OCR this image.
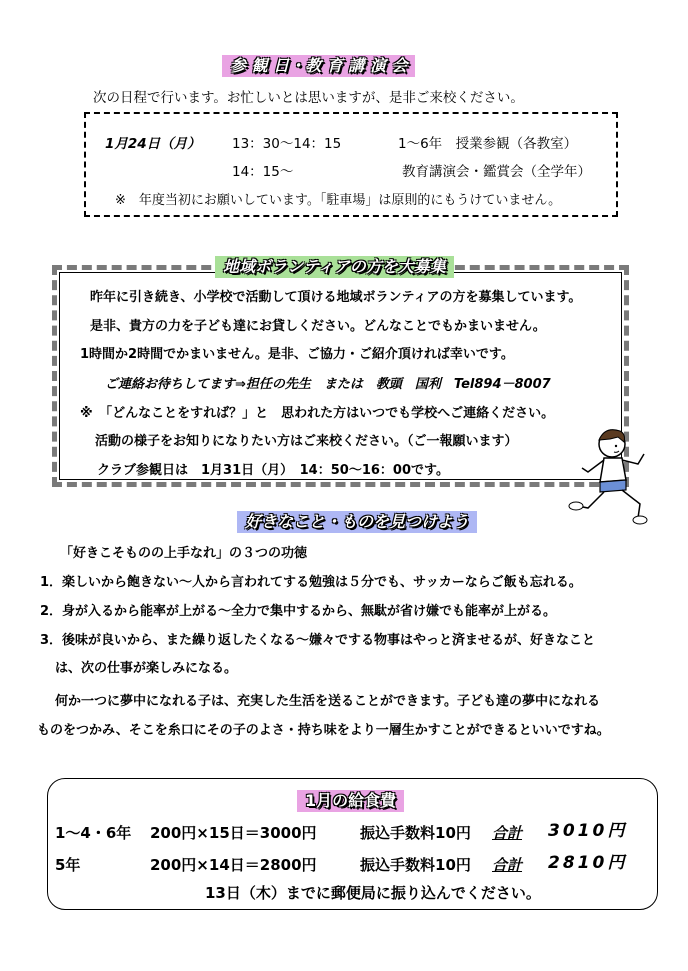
参 観 日・教 育 講 演 会
次の日程で行います。お忙しいとは思いますが、是非ご来校ください。
1月24日（月） 13：30～14：15	1～6年　授業参観（各教室）
14：15～	教育講演会・鑑賞会（全学年）
※　年度当初にお願いしています。「駐車場」は原則的にもうけていません。
地域ボランティアの方を大募集
昨年に引き続き、小学校で活動して頂ける地域ボランティアの方を募集しています。
是非、貴方の力を子ども達にお貸しください。どんなことでもかまいません。
1時間か2時間でかまいません。是非、ご協力・ご紹介頂ければ幸いです。
ご連絡お待ちしてます⇒担任の先生　または　教頭　国利　Tel894－8007
※　「どんなことをすれば？」と　思われた方はいつでも学校へご連絡ください。
活動の様子をお知りになりたい方はご来校ください。（ご一報願います）
クラブ参観日は　1月31日（月）　14：50～16：00です。
好きなこと・ものを見つけよう
「好きこそものの上手なれ」の３つの功徳
1．楽しいから飽きない～人から言われてする勉強は５分でも、サッカーならご飯も忘れる。
2．身が入るから能率が上がる～全力で集中するから、無駄が省け嫌でも能率が上がる。
3．後味が良いから、また繰り返したくなる～嫌々でする物事はやっと済ませるが、好きなこと
は、次の仕事が楽しみになる。
何か一つに夢中になれる子は、充実した生活を送ることができます。子ども達の夢中になれる
ものをつかみ、そこを糸口にその子のよさ・持ち味をより一層生かすことができるといいですね。
1月の給食費
1～4・6年 200円×15日＝3000円	振込手数料10円 合計 3010円
5年	200円×14日＝2800円	振込手数料10円 合計 2810円
13日（木）までに郵便局に振り込んでください。
